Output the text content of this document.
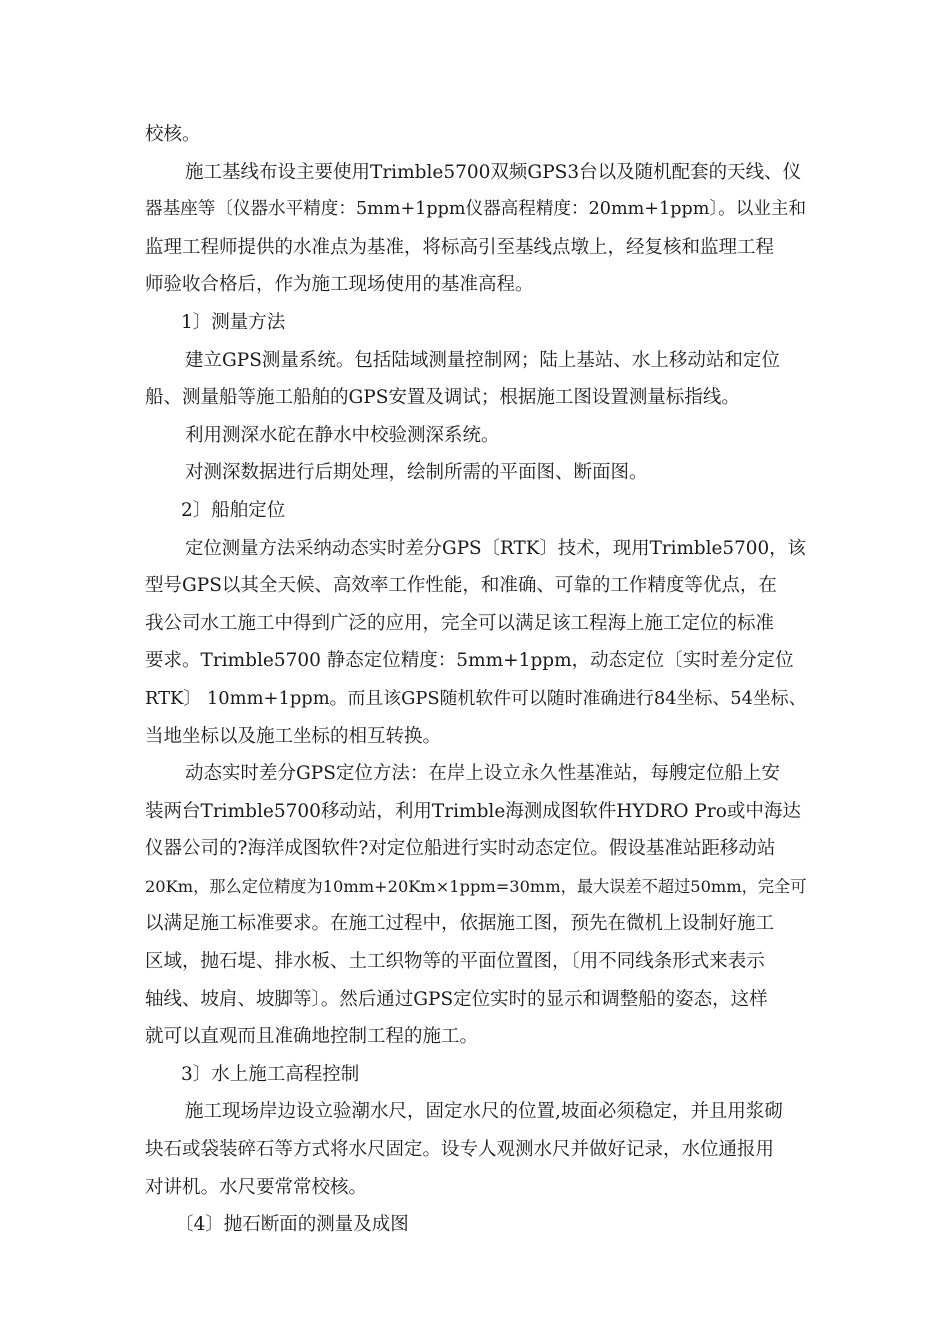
校核。
施工基线布设主要使用Trimble5700双频GPS3台以及随机配套的天线、仪
器基座等〔仪器水平精度：5mm+1ppm仪器高程精度：20mm+1ppm〕。以业主和
监理工程师提供的水准点为基准，将标高引至基线点墩上，经复核和监理工程
师验收合格后，作为施工现场使用的基准高程。
1〕测量方法
建立GPS测量系统。包括陆域测量控制网；陆上基站、水上移动站和定位
船、测量船等施工船舶的GPS安置及调试；根据施工图设置测量标指线。
利用测深水砣在静水中校验测深系统。
对测深数据进行后期处理，绘制所需的平面图、断面图。
2〕船舶定位
定位测量方法采纳动态实时差分GPS〔RTK〕技术，现用Trimble5700，该
型号GPS以其全天候、高效率工作性能，和准确、可靠的工作精度等优点，在
我公司水工施工中得到广泛的应用，完全可以满足该工程海上施工定位的标准
要求。Trimble5700 静态定位精度：5mm+1ppm，动态定位〔实时差分定位
RTK〕 10mm+1ppm。而且该GPS随机软件可以随时准确进行84坐标、54坐标、
当地坐标以及施工坐标的相互转换。
动态实时差分GPS定位方法：在岸上设立永久性基准站，每艘定位船上安
装两台Trimble5700移动站，利用Trimble海测成图软件HYDRO Pro或中海达
仪器公司的?海洋成图软件?对定位船进行实时动态定位。假设基准站距移动站
20Km，那么定位精度为10mm+20Km×1ppm=30mm，最大误差不超过50mm，完全可
以满足施工标准要求。在施工过程中，依据施工图，预先在微机上设制好施工
区域，抛石堤、排水板、土工织物等的平面位置图，〔用不同线条形式来表示
轴线、坡肩、坡脚等〕。然后通过GPS定位实时的显示和调整船的姿态，这样
就可以直观而且准确地控制工程的施工。
3〕水上施工高程控制
施工现场岸边设立验潮水尺，固定水尺的位置,坡面必须稳定，并且用浆砌
块石或袋装碎石等方式将水尺固定。设专人观测水尺并做好记录，水位通报用
对讲机。水尺要常常校核。
〔4〕抛石断面的测量及成图
